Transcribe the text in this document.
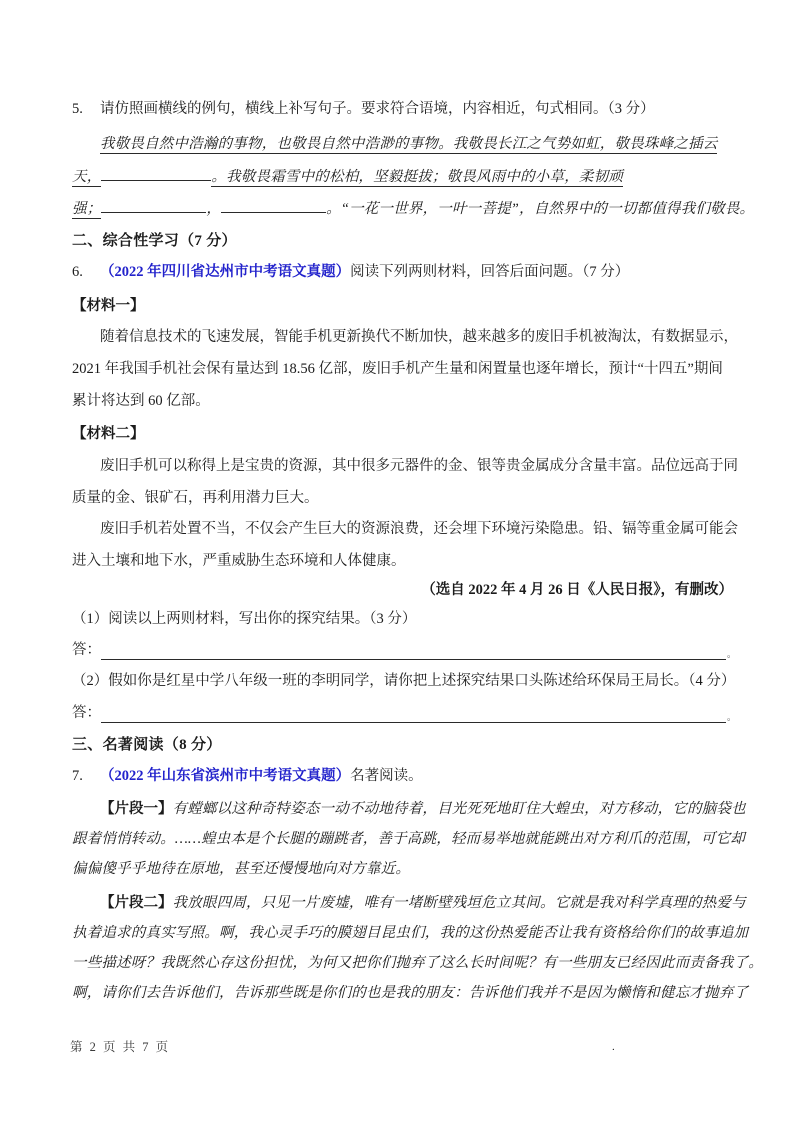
5. 请仿照画横线的例句，横线上补写句子。要求符合语境，内容相近，句式相同。（3 分）
我敬畏自然中浩瀚的事物，也敬畏自然中浩渺的事物。我敬畏长江之气势如虹，敬畏珠峰之插云
天，	。我敬畏霜雪中的松柏，坚毅挺拔；敬畏风雨中的小草，柔韧顽
强；	，	。“一花一世界，一叶一菩提”，自然界中的一切都值得我们敬畏。
二、综合性学习（7 分）
6. （2022 年四川省达州市中考语文真题）阅读下列两则材料，回答后面问题。（7 分）
【材料一】
随着信息技术的飞速发展，智能手机更新换代不断加快，越来越多的废旧手机被淘汰，有数据显示，
2021 年我国手机社会保有量达到 18.56 亿部，废旧手机产生量和闲置量也逐年增长，预计“十四五”期间
累计将达到 60 亿部。
【材料二】
废旧手机可以称得上是宝贵的资源，其中很多元器件的金、银等贵金属成分含量丰富。品位远高于同
质量的金、银矿石，再利用潜力巨大。
废旧手机若处置不当，不仅会产生巨大的资源浪费，还会埋下环境污染隐患。铅、镉等重金属可能会
进入土壤和地下水，严重威胁生态环境和人体健康。
（选自 2022 年 4 月 26 日《人民日报》，有删改）
（1）阅读以上两则材料，写出你的探究结果。（3 分）
答：	。
（2）假如你是红星中学八年级一班的李明同学，请你把上述探究结果口头陈述给环保局王局长。（4 分）
答：	。
三、名著阅读（8 分）
7. （2022 年山东省滨州市中考语文真题）名著阅读。
【片段一】有螳螂以这种奇特姿态一动不动地待着，目光死死地盯住大蝗虫，对方移动，它的脑袋也
跟着悄悄转动。……蝗虫本是个长腿的蹦跳者，善于高跳，轻而易举地就能跳出对方利爪的范围，可它却
偏偏傻乎乎地待在原地，甚至还慢慢地向对方靠近。
【片段二】我放眼四周，只见一片废墟，唯有一堵断壁残垣危立其间。它就是我对科学真理的热爱与
执着追求的真实写照。啊，我心灵手巧的膜翅目昆虫们，我的这份热爱能否让我有资格给你们的故事追加
一些描述呀？我既然心存这份担忧，为何又把你们抛弃了这么长时间呢？有一些朋友已经因此而责备我了。
啊，请你们去告诉他们，告诉那些既是你们的也是我的朋友：告诉他们我并不是因为懒惰和健忘才抛弃了
第 2 页 共 7 页	.
